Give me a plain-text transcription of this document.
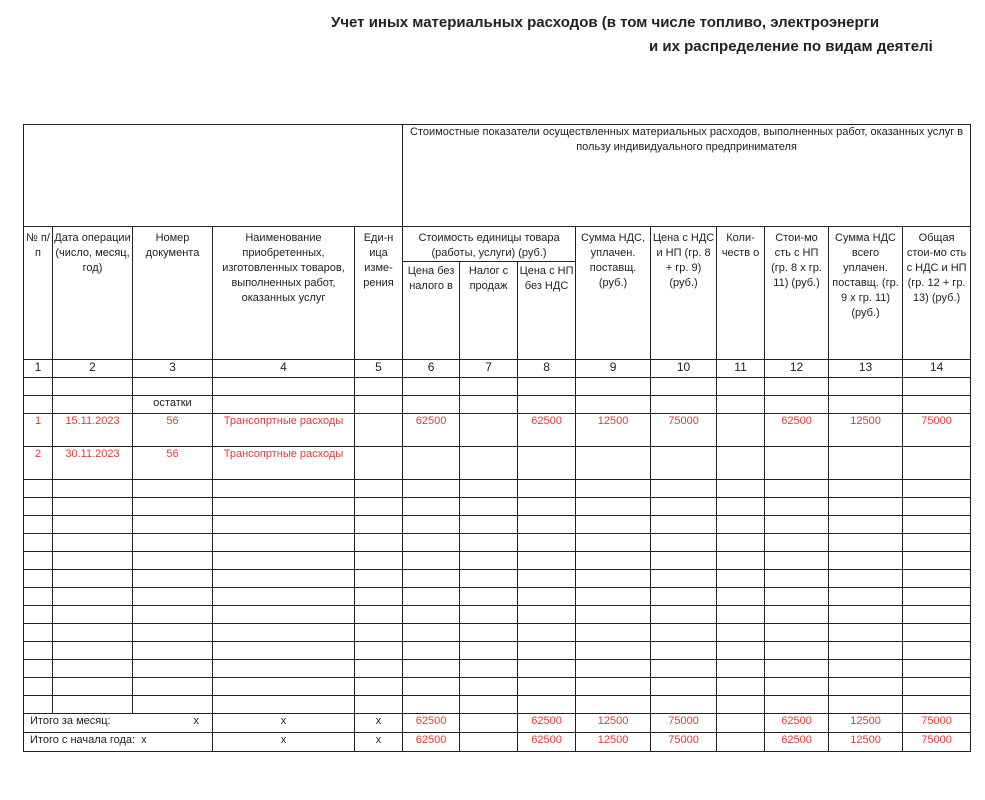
Учет иных материальных расходов (в том числе топливо, электроэнерги
и их распределение по видам деятелі
					Стоимостные показатели осуществленных материальных расходов, выполненных работ, оказанных услуг в пользу индивидуального предпринимателя								
№ п/п	Дата операции (число, месяц, год)	Номер документа	Наименование приобретенных, изготовленных товаров, выполненных работ, оказанных услуг	Еди-н ица изме-рения	Стоимость единицы товара (работы, услуги) (руб.)			Сумма НДС, уплачен. поставщ. (руб.)	Цена с НДС и НП (гр. 8 + гр. 9) (руб.)	Коли-честв о	Стои-мо сть с НП (гр. 8 х гр. 11) (руб.)	Сумма НДС всего уплачен. поставщ. (гр. 9 х гр. 11) (руб.)	Общая стои-мо сть с НДС и НП (гр. 12 + гр. 13) (руб.)
					Цена без налого в	Налог с продаж	Цена с НП без НДС						
1	2	3	4	5	6	7	8	9	10	11	12	13	14

		остатки											
1	15.11.2023	56	Трансопртные расходы		62500		62500	12500	75000		62500	12500	75000
2	30.11.2023	56	Трансопртные расходы										

Итого за месяц: х			х	х	62500		62500	12500	75000		62500	12500	75000

Итого с начала года: х			х	х	62500		62500	12500	75000		62500	12500	75000
